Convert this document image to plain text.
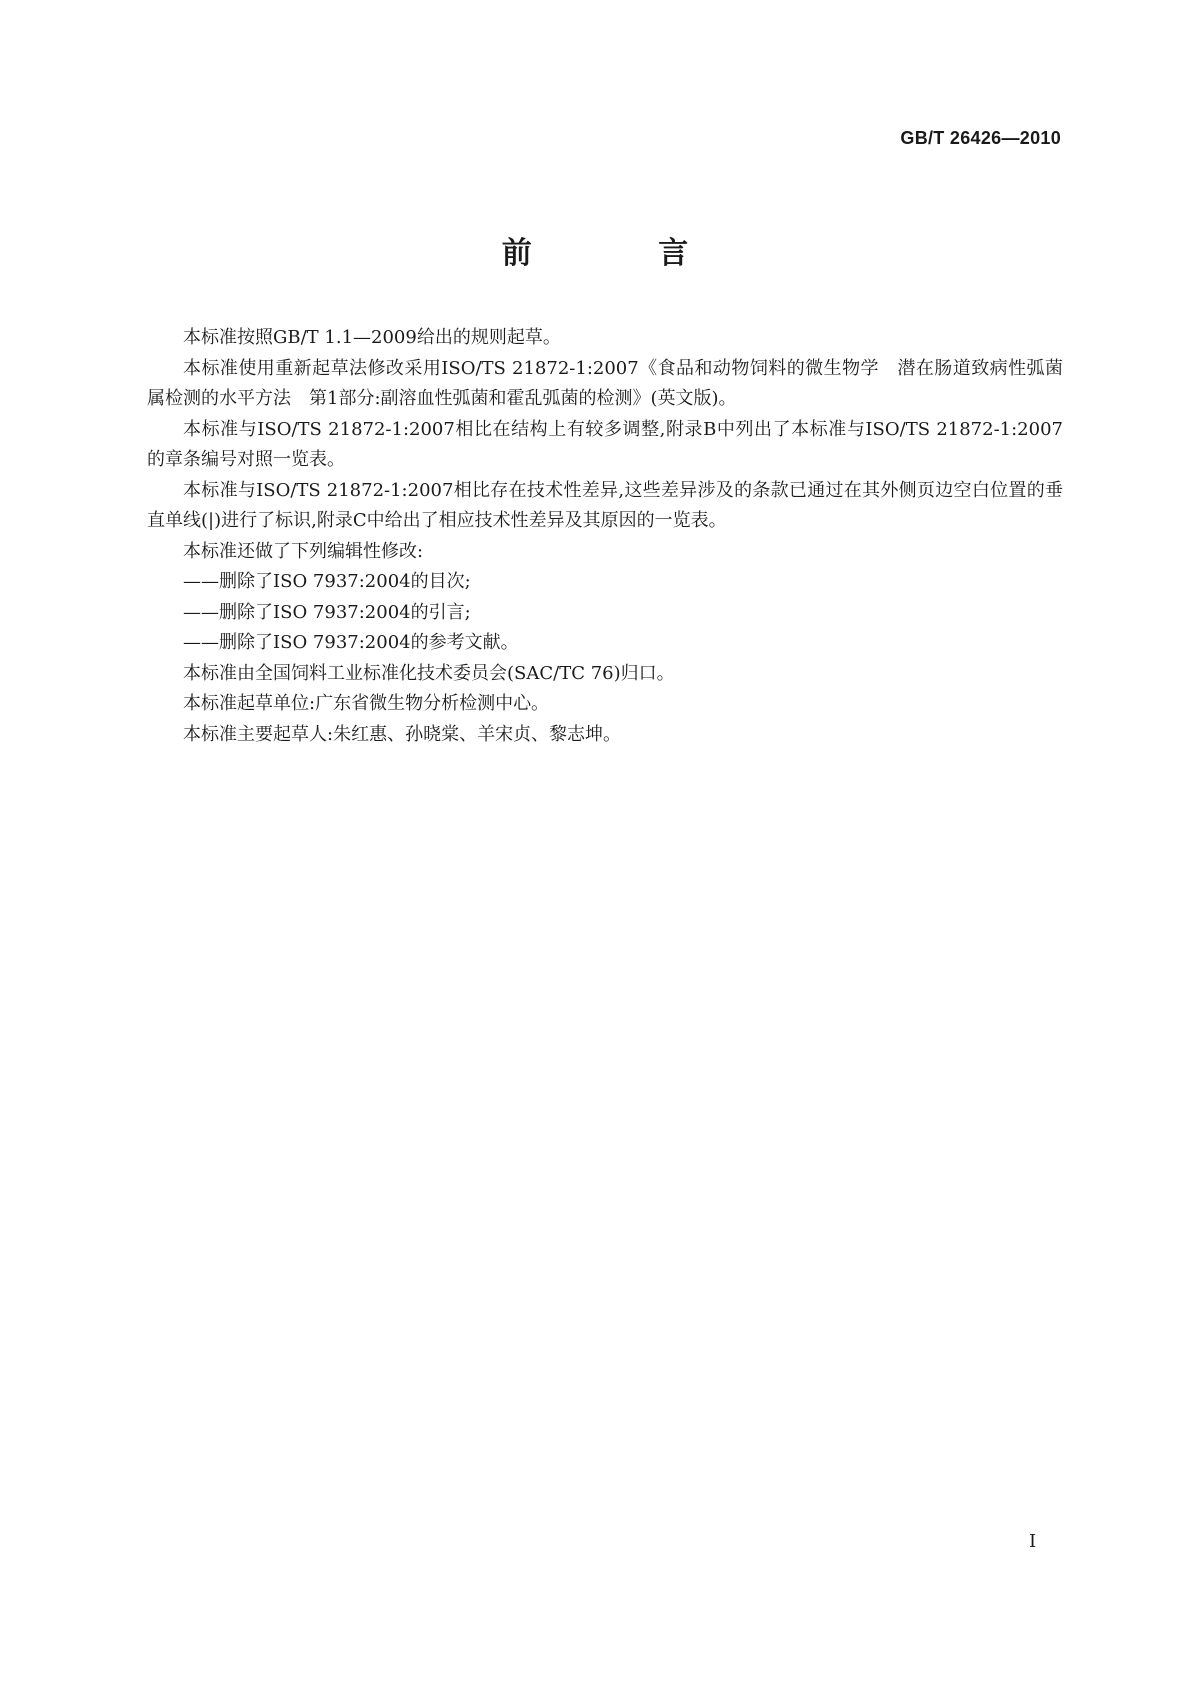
GB/T 26426—2010
前 言

本标准按照GB/T 1.1—2009给出的规则起草。

本标准使用重新起草法修改采用ISO/TS 21872-1:2007《食品和动物饲料的微生物学　潜在肠道致病性弧菌属检测的水平方法　第1部分:副溶血性弧菌和霍乱弧菌的检测》(英文版)。

本标准与ISO/TS 21872-1:2007相比在结构上有较多调整,附录B中列出了本标准与ISO/TS 21872-1:2007的章条编号对照一览表。

本标准与ISO/TS 21872-1:2007相比存在技术性差异,这些差异涉及的条款已通过在其外侧页边空白位置的垂直单线(|)进行了标识,附录C中给出了相应技术性差异及其原因的一览表。

本标准还做了下列编辑性修改:

——删除了ISO 7937:2004的目次;

——删除了ISO 7937:2004的引言;

——删除了ISO 7937:2004的参考文献。

本标准由全国饲料工业标准化技术委员会(SAC/TC 76)归口。

本标准起草单位:广东省微生物分析检测中心。

本标准主要起草人:朱红惠、孙晓棠、羊宋贞、黎志坤。

I
